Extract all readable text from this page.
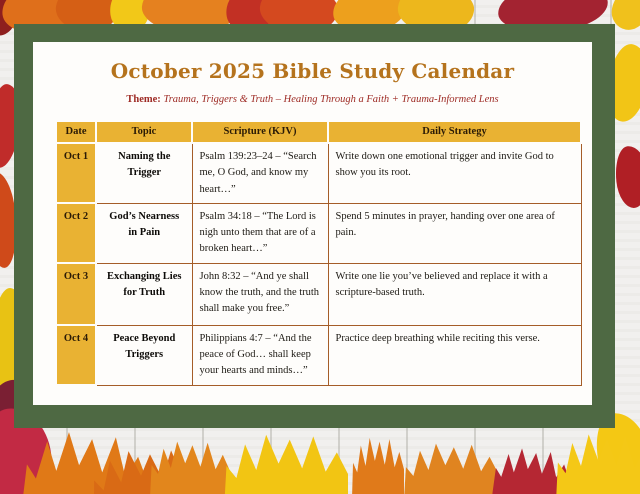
October 2025 Bible Study Calendar

Theme: Trauma, Triggers & Truth – Healing Through a Faith + Trauma-Informed Lens

Date	Topic	Scripture (KJV)	Daily Strategy
Oct 1	Naming the Trigger	Psalm 139:23–24 – “Search me, O God, and know my heart…”	Write down one emotional trigger and invite God to show you its root.
Oct 2	God’s Nearness in Pain	Psalm 34:18 – “The Lord is nigh unto them that are of a broken heart…”	Spend 5 minutes in prayer, handing over one area of pain.
Oct 3	Exchanging Lies for Truth	John 8:32 – “And ye shall know the truth, and the truth shall make you free.”	Write one lie you’ve believed and replace it with a scripture-based truth.
Oct 4	Peace Beyond Triggers	Philippians 4:7 – “And the peace of God… shall keep your hearts and minds…”	Practice deep breathing while reciting this verse.
